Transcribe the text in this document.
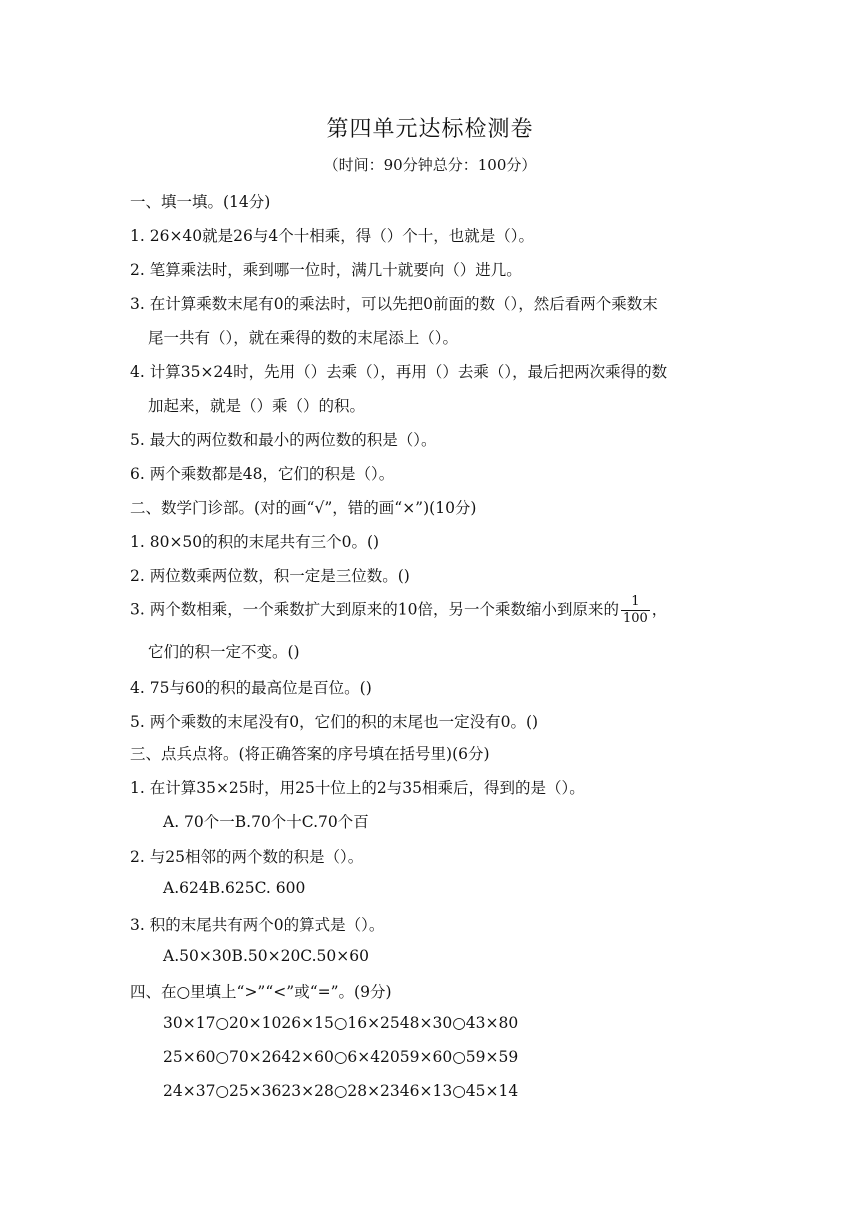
第四单元达标检测卷
（时间：90分钟总分：100分）
一、填一填。(14分)
1. 26×40就是26与4个十相乘，得（）个十，也就是（）。
2. 笔算乘法时，乘到哪一位时，满几十就要向（）进几。
3. 在计算乘数末尾有0的乘法时，可以先把0前面的数（），然后看两个乘数末
尾一共有（），就在乘得的数的末尾添上（）。
4. 计算35×24时，先用（）去乘（），再用（）去乘（），最后把两次乘得的数
加起来，就是（）乘（）的积。
5. 最大的两位数和最小的两位数的积是（）。
6. 两个乘数都是48，它们的积是（）。
二、数学门诊部。(对的画“√”，错的画“×”)(10分)
1. 80×50的积的末尾共有三个0。()
2. 两位数乘两位数，积一定是三位数。()
3. 两个数相乘，一个乘数扩大到原来的10倍，另一个乘数缩小到原来的 $\frac{1}{100}$ ，
它们的积一定不变。()
4. 75与60的积的最高位是百位。()
5. 两个乘数的末尾没有0，它们的积的末尾也一定没有0。()
三、点兵点将。(将正确答案的序号填在括号里)(6分)
1. 在计算35×25时，用25十位上的2与35相乘后，得到的是（）。
A. 70个一B.70个十C.70个百
2. 与25相邻的两个数的积是（）。
A.624B.625C. 600
3. 积的末尾共有两个0的算式是（）。
A.50×30B.50×20C.50×60
四、在○里填上“>”“<”或“=”。(9分)
30×17○20×1026×15○16×2548×30○43×80
25×60○70×2642×60○6×42059×60○59×59
24×37○25×3623×28○28×2346×13○45×14
